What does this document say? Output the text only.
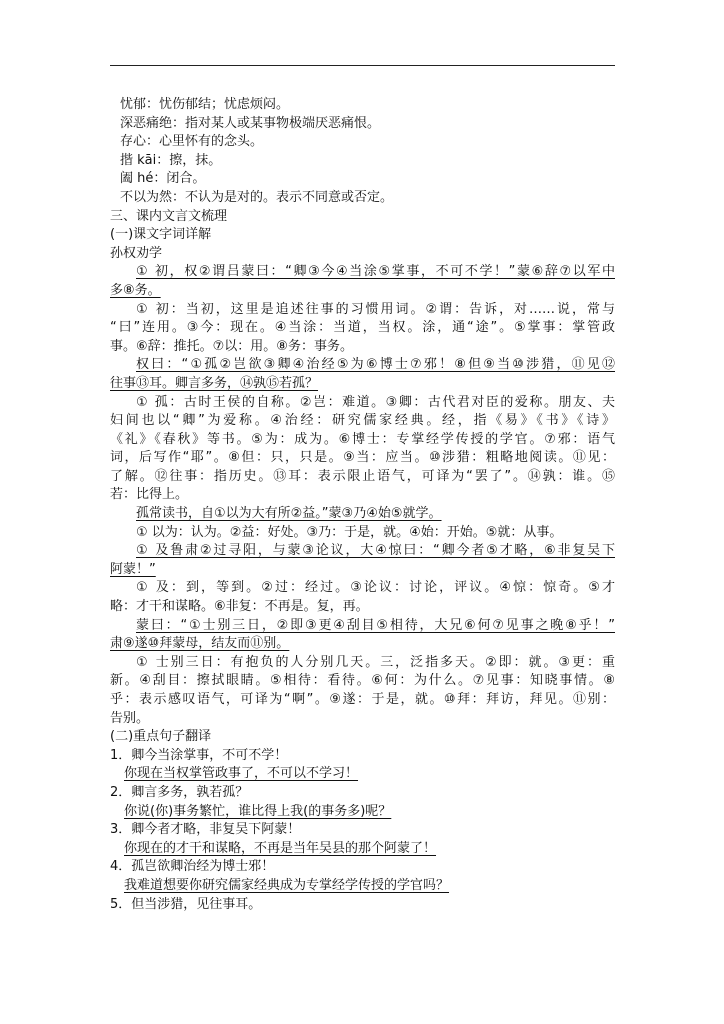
忧郁：忧伤郁结；忧虑烦闷。
深恶痛绝：指对某人或某事物极端厌恶痛恨。
存心：心里怀有的念头。
揩 kāi：擦，抹。
阖 hé：闭合。
不以为然：不认为是对的。表示不同意或否定。
三、课内文言文梳理
(一)课文字词详解
孙权劝学
① 初，权②谓吕蒙曰：“卿③今④当涂⑤掌事，不可不学！”蒙⑥辞⑦以军中
多⑧务。
① 初：当初，这里是追述往事的习惯用词。②谓：告诉，对……说，常与
“曰”连用。③今：现在。④当涂：当道，当权。涂，通“途”。⑤掌事：掌管政
事。⑥辞：推托。⑦以：用。⑧务：事务。
权曰：“①孤②岂欲③卿④治经⑤为⑥博士⑦邪！⑧但⑨当⑩涉猎，⑪见⑫
往事⑬耳。卿言多务，⑭孰⑮若孤？
① 孤：古时王侯的自称。②岂：难道。③卿：古代君对臣的爱称。朋友、夫
妇间也以“卿”为爱称。④治经：研究儒家经典。经，指《易》《书》《诗》
《礼》《春秋》等书。⑤为：成为。⑥博士：专掌经学传授的学官。⑦邪：语气
词，后写作“耶”。⑧但：只，只是。⑨当：应当。⑩涉猎：粗略地阅读。⑪见：
了解。⑫往事：指历史。⑬耳：表示限止语气，可译为“罢了”。⑭孰：谁。⑮
若：比得上。
孤常读书，自①以为大有所②益。”蒙③乃④始⑤就学。
① 以为：认为。②益：好处。③乃：于是，就。④始：开始。⑤就：从事。
① 及鲁肃②过寻阳，与蒙③论议，大④惊曰：“卿今者⑤才略，⑥非复吴下
阿蒙！”
① 及：到，等到。②过：经过。③论议：讨论，评议。④惊：惊奇。⑤才
略：才干和谋略。⑥非复：不再是。复，再。
蒙曰：“①士别三日，②即③更④刮目⑤相待，大兄⑥何⑦见事之晚⑧乎！”
肃⑨遂⑩拜蒙母，结友而⑪别。
① 士别三日：有抱负的人分别几天。三，泛指多天。②即：就。③更：重
新。④刮目：擦拭眼睛。⑤相待：看待。⑥何：为什么。⑦见事：知晓事情。⑧
乎：表示感叹语气，可译为“啊”。⑨遂：于是，就。⑩拜：拜访，拜见。⑪别：
告别。
(二)重点句子翻译
1．卿今当涂掌事，不可不学！
你现在当权掌管政事了，不可以不学习！
2．卿言多务，孰若孤？
你说(你)事务繁忙，谁比得上我(的事务多)呢？
3．卿今者才略，非复吴下阿蒙！
你现在的才干和谋略，不再是当年吴县的那个阿蒙了！
4．孤岂欲卿治经为博士邪！
我难道想要你研究儒家经典成为专掌经学传授的学官吗？
5．但当涉猎，见往事耳。
